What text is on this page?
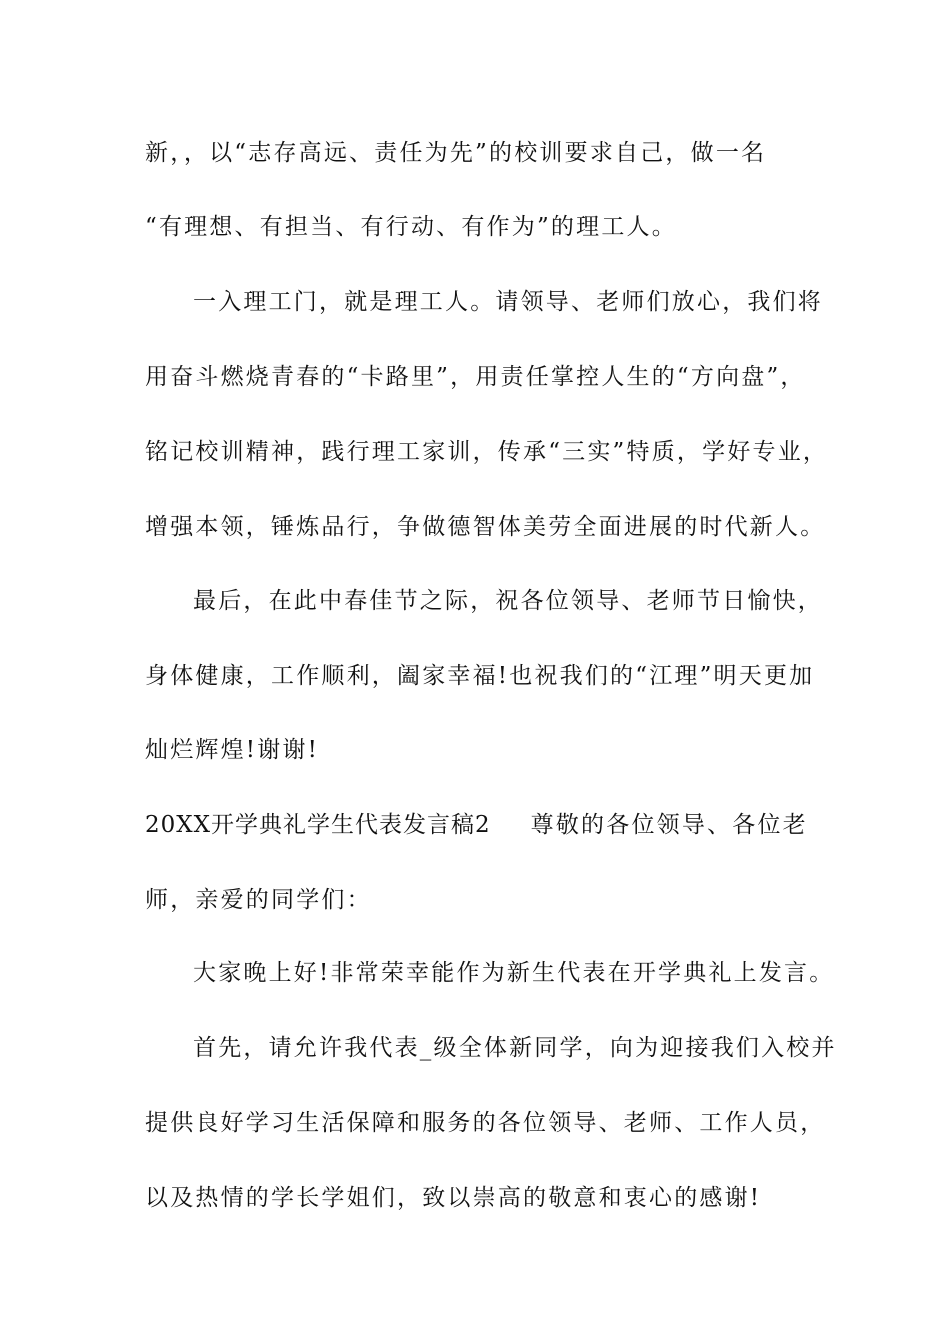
新，，以“志存高远、责任为先”的校训要求自己，做一名
“有理想、有担当、有行动、有作为”的理工人。
一入理工门，就是理工人。请领导、老师们放心，我们将
用奋斗燃烧青春的“卡路里”，用责任掌控人生的“方向盘”，
铭记校训精神，践行理工家训，传承“三实”特质，学好专业，
增强本领，锤炼品行，争做德智体美劳全面进展的时代新人。
最后，在此中春佳节之际，祝各位领导、老师节日愉快，
身体健康，工作顺利，阖家幸福!也祝我们的“江理”明天更加
灿烂辉煌!谢谢!
20XX开学典礼学生代表发言稿2 尊敬的各位领导、各位老
师，亲爱的同学们：
大家晚上好!非常荣幸能作为新生代表在开学典礼上发言。
首先，请允许我代表_级全体新同学，向为迎接我们入校并
提供良好学习生活保障和服务的各位领导、老师、工作人员，
以及热情的学长学姐们，致以崇高的敬意和衷心的感谢!
